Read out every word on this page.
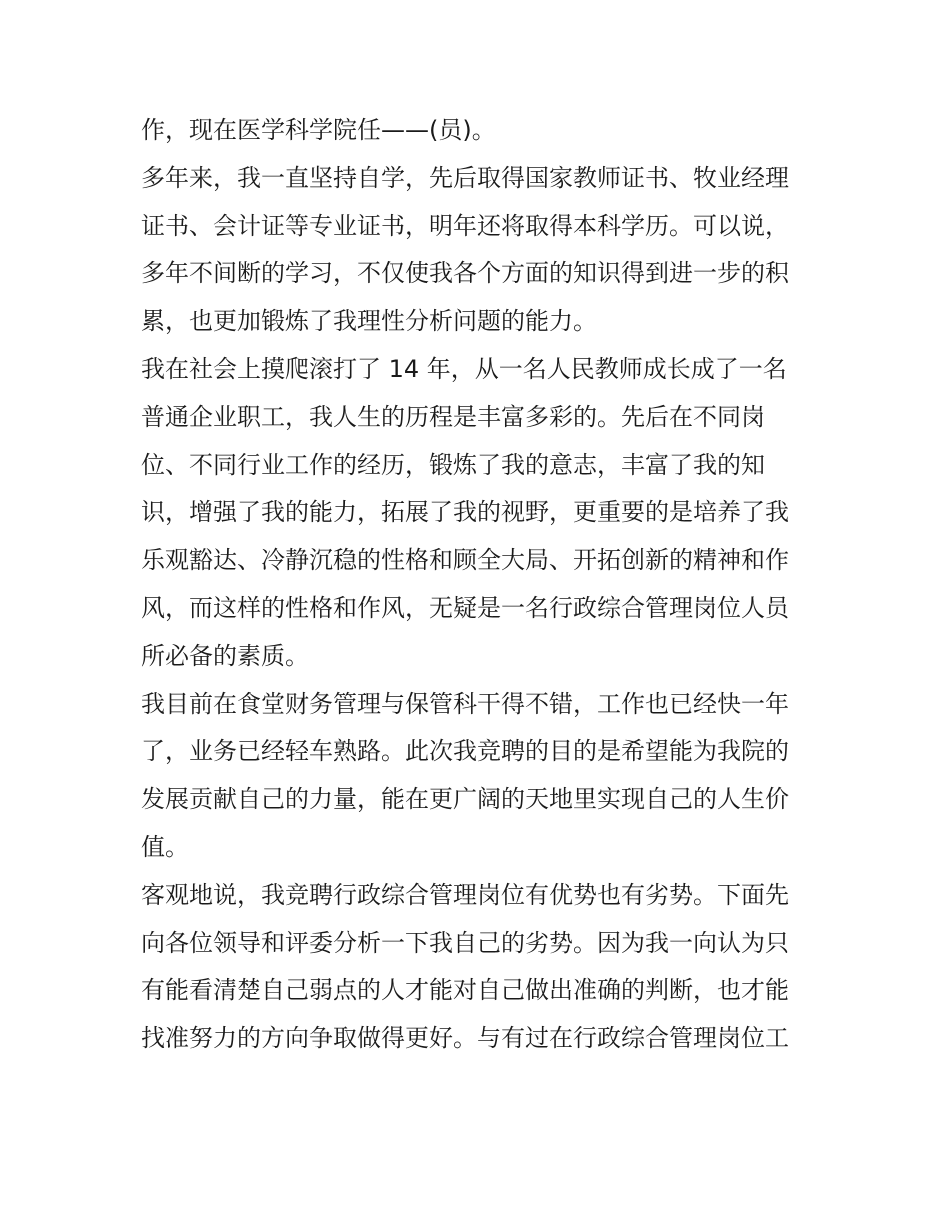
作，现在医学科学院任——(员)。

多年来，我一直坚持自学，先后取得国家教师证书、牧业经理

证书、会计证等专业证书，明年还将取得本科学历。可以说，

多年不间断的学习，不仅使我各个方面的知识得到进一步的积

累，也更加锻炼了我理性分析问题的能力。

我在社会上摸爬滚打了 14 年，从一名人民教师成长成了一名

普通企业职工，我人生的历程是丰富多彩的。先后在不同岗

位、不同行业工作的经历，锻炼了我的意志，丰富了我的知

识，增强了我的能力，拓展了我的视野，更重要的是培养了我

乐观豁达、冷静沉稳的性格和顾全大局、开拓创新的精神和作

风，而这样的性格和作风，无疑是一名行政综合管理岗位人员

所必备的素质。

我目前在食堂财务管理与保管科干得不错，工作也已经快一年

了，业务已经轻车熟路。此次我竞聘的目的是希望能为我院的

发展贡献自己的力量，能在更广阔的天地里实现自己的人生价

值。

客观地说，我竞聘行政综合管理岗位有优势也有劣势。下面先

向各位领导和评委分析一下我自己的劣势。因为我一向认为只

有能看清楚自己弱点的人才能对自己做出准确的判断，也才能

找准努力的方向争取做得更好。与有过在行政综合管理岗位工
